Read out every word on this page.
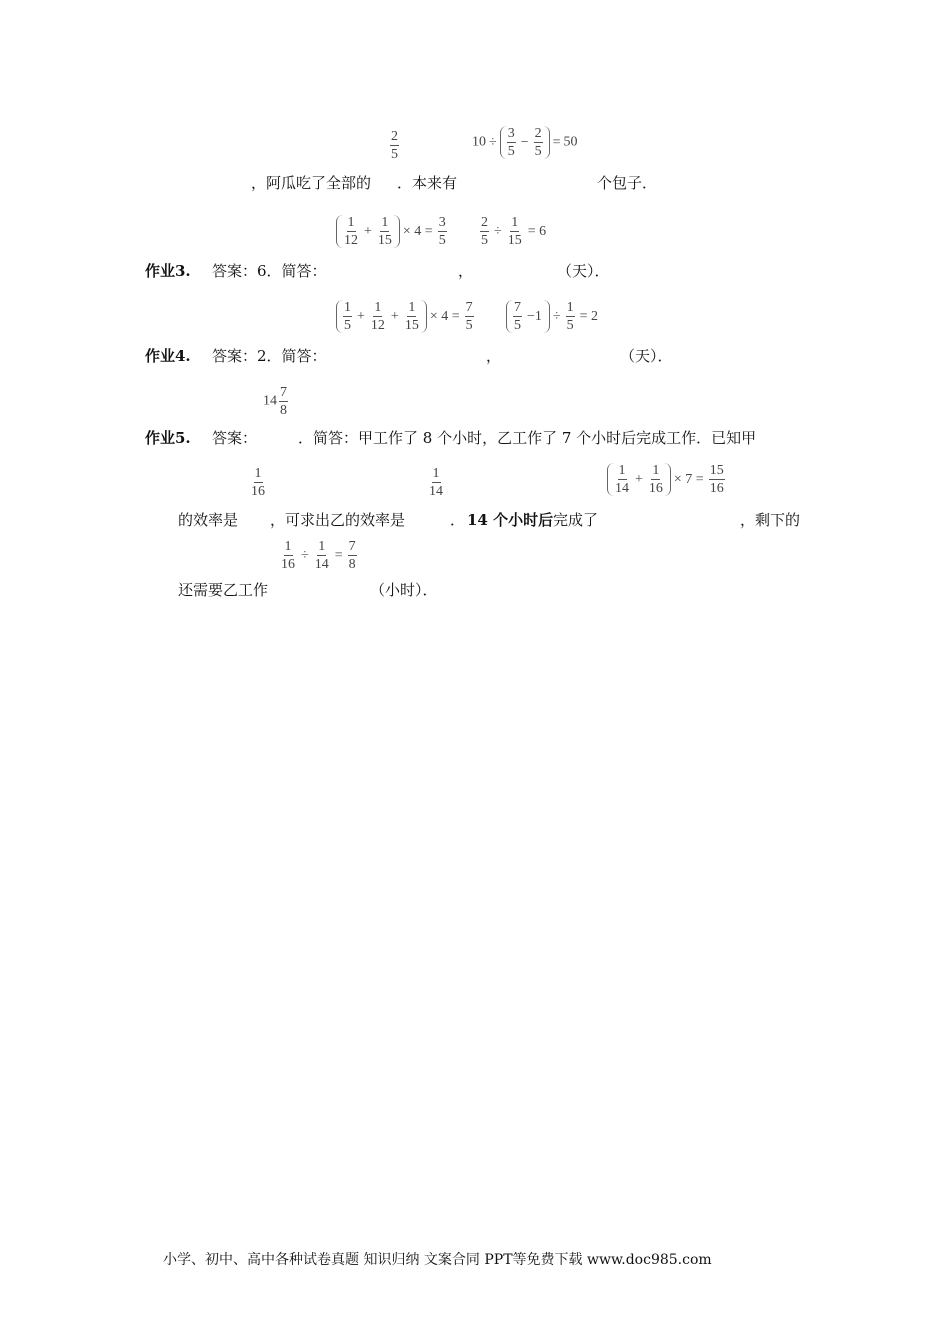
$\frac{2}{5}$	$10 \div \frac{3}{5} - \frac{2}{5} = 50$
，阿瓜吃了全部的 ．本来有	个包子．
$\frac{1}{12} + \frac{1}{15} \times 4 = \frac{3}{5} \frac{2}{5} \div \frac{1}{15} = 6$
作业3. 答案：6．简答：	，	（天）．
$\frac{1}{5} + \frac{1}{12} + \frac{1}{15} \times 4 = \frac{7}{5}$	$\frac{7}{5} -1 \div \frac{1}{5} = 2$
作业4. 答案：2．简答：	，	（天）．
$14 \frac{7}{8}$
作业5. 答案：	．简答：甲工作了 8 个小时，乙工作了 7 个小时后完成工作．已知甲
$\frac{1}{16}$	$\frac{1}{14}$	$\frac{1}{14} + \frac{1}{16} \times 7 = \frac{15}{16}$
的效率是 ，可求出乙的效率是	． 14 个小时后 完成了	，剩下的
$\frac{1}{16} \div \frac{1}{14} = \frac{7}{8}$
还需要乙工作	（小时）．
小学、初中、高中各种试卷真题 知识归纳 文案合同 PPT等免费下载 www.doc985.com
